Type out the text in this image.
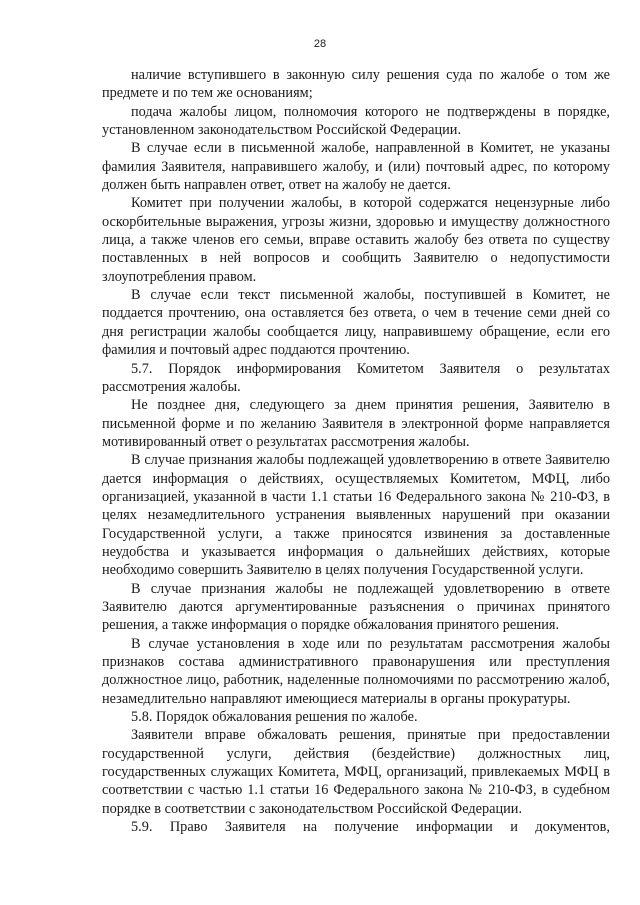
28

наличие вступившего в законную силу решения суда по жалобе о том же предмете и по тем же основаниям;

подача жалобы лицом, полномочия которого не подтверждены в порядке, установленном законодательством Российской Федерации.

В случае если в письменной жалобе, направленной в Комитет, не указаны фамилия Заявителя, направившего жалобу, и (или) почтовый адрес, по которому должен быть направлен ответ, ответ на жалобу не дается.

Комитет при получении жалобы, в которой содержатся нецензурные либо оскорбительные выражения, угрозы жизни, здоровью и имуществу должностного лица, а также членов его семьи, вправе оставить жалобу без ответа по существу поставленных в ней вопросов и сообщить Заявителю о недопустимости злоупотребления правом.

В случае если текст письменной жалобы, поступившей в Комитет, не поддается прочтению, она оставляется без ответа, о чем в течение семи дней со дня регистрации жалобы сообщается лицу, направившему обращение, если его фамилия и почтовый адрес поддаются прочтению.

5.7. Порядок информирования Комитетом Заявителя о результатах рассмотрения жалобы.

Не позднее дня, следующего за днем принятия решения, Заявителю в письменной форме и по желанию Заявителя в электронной форме направляется мотивированный ответ о результатах рассмотрения жалобы.

В случае признания жалобы подлежащей удовлетворению в ответе Заявителю дается информация о действиях, осуществляемых Комитетом, МФЦ, либо организацией, указанной в части 1.1 статьи 16 Федерального закона № 210-ФЗ, в целях незамедлительного устранения выявленных нарушений при оказании Государственной услуги, а также приносятся извинения за доставленные неудобства и указывается информация о дальнейших действиях, которые необходимо совершить Заявителю в целях получения Государственной услуги.

В случае признания жалобы не подлежащей удовлетворению в ответе Заявителю даются аргументированные разъяснения о причинах принятого решения, а также информация о порядке обжалования принятого решения.

В случае установления в ходе или по результатам рассмотрения жалобы признаков состава административного правонарушения или преступления должностное лицо, работник, наделенные полномочиями по рассмотрению жалоб, незамедлительно направляют имеющиеся материалы в органы прокуратуры.

5.8. Порядок обжалования решения по жалобе.

Заявители вправе обжаловать решения, принятые при предоставлении государственной услуги, действия (бездействие) должностных лиц, государственных служащих Комитета, МФЦ, организаций, привлекаемых МФЦ в соответствии с частью 1.1 статьи 16 Федерального закона № 210-ФЗ, в судебном порядке в соответствии с законодательством Российской Федерации.

5.9. Право Заявителя на получение информации и документов,
